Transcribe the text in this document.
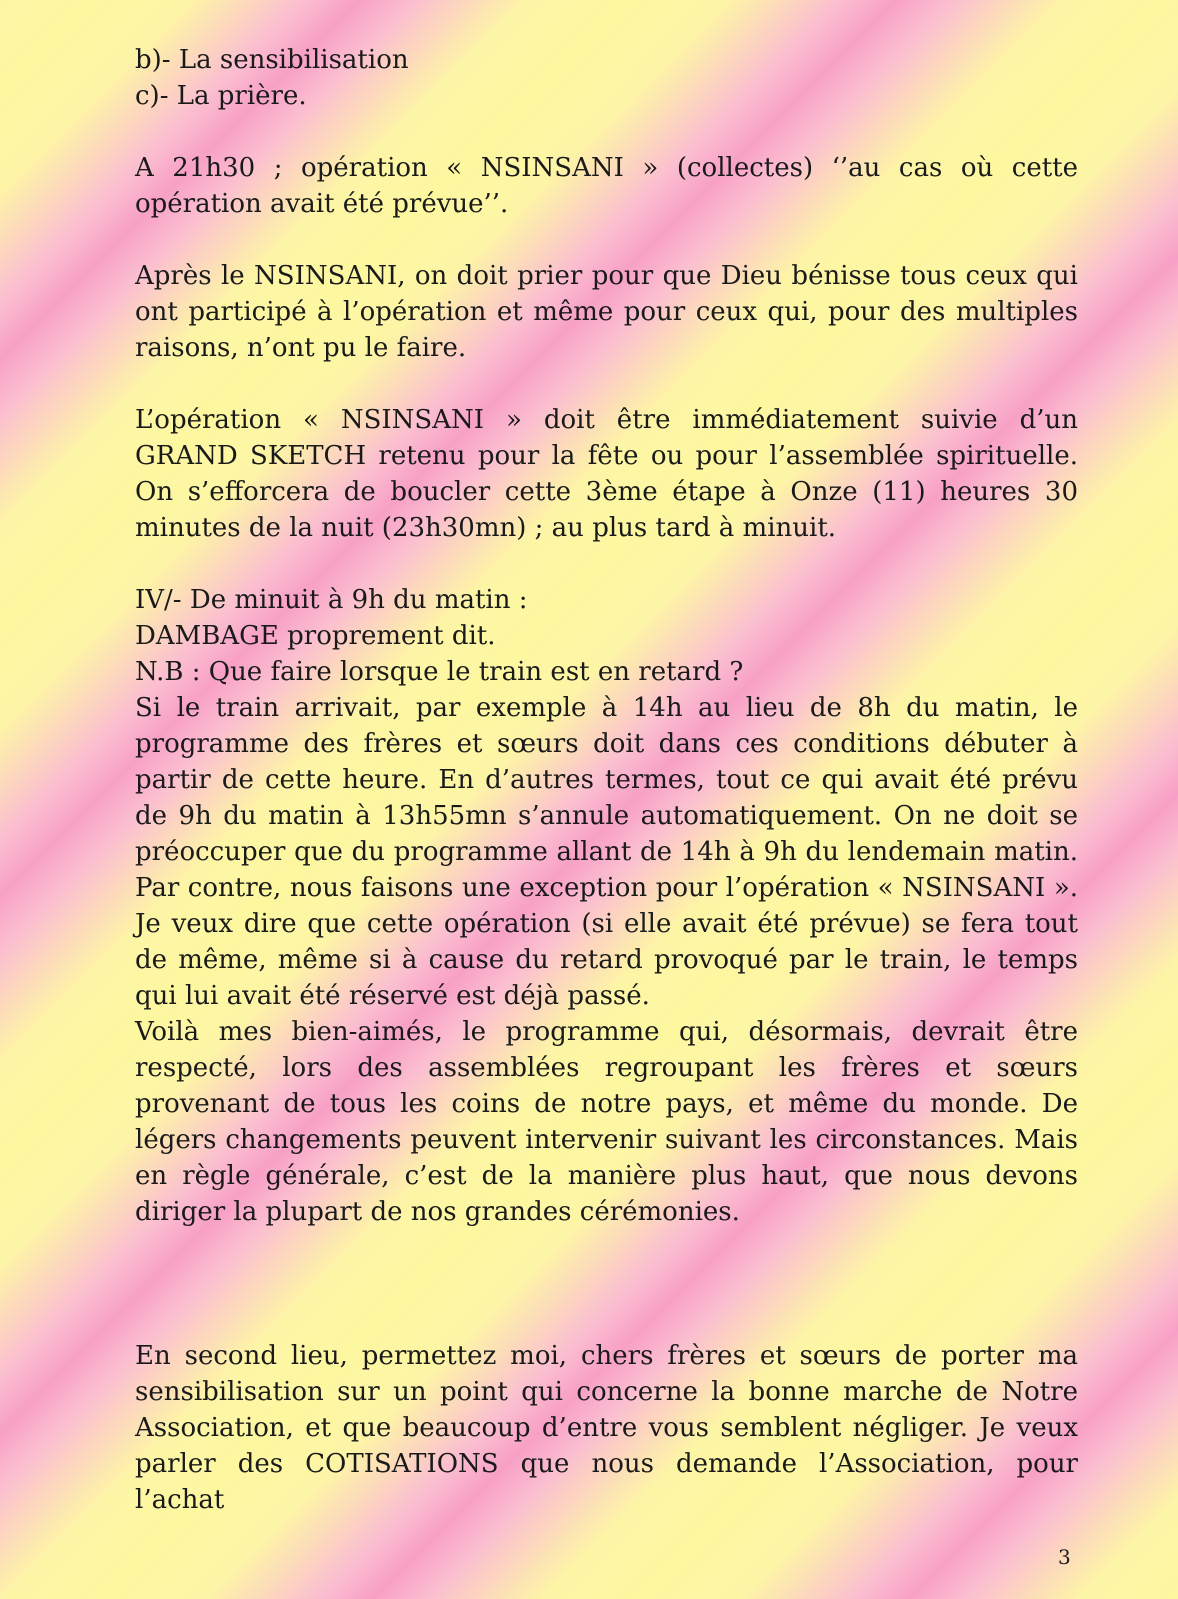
b)- La sensibilisation

c)- La prière.

A 21h30 ; opération « NSINSANI » (collectes) ‘’au cas où cette opération avait été prévue’’.

Après le NSINSANI, on doit prier pour que Dieu bénisse tous ceux qui ont participé à l’opération et même pour ceux qui, pour des multiples raisons, n’ont pu le faire.

L’opération « NSINSANI » doit être immédiatement suivie d’un GRAND SKETCH retenu pour la fête ou pour l’assemblée spirituelle. On s’efforcera de boucler cette 3ème étape à Onze (11) heures 30 minutes de la nuit (23h30mn) ; au plus tard à minuit.

IV/- De minuit à 9h du matin :

DAMBAGE proprement dit.

N.B : Que faire lorsque le train est en retard ?

Si le train arrivait, par exemple à 14h au lieu de 8h du matin, le programme des frères et sœurs doit dans ces conditions débuter à partir de cette heure. En d’autres termes, tout ce qui avait été prévu de 9h du matin à 13h55mn s’annule automatiquement. On ne doit se préoccuper que du programme allant de 14h à 9h du lendemain matin. Par contre, nous faisons une exception pour l’opération « NSINSANI ». Je veux dire que cette opération (si elle avait été prévue) se fera tout de même, même si à cause du retard provoqué par le train, le temps qui lui avait été réservé est déjà passé.

Voilà mes bien-aimés, le programme qui, désormais, devrait être respecté, lors des assemblées regroupant les frères et sœurs provenant de tous les coins de notre pays, et même du monde. De légers changements peuvent intervenir suivant les circonstances. Mais en règle générale, c’est de la manière plus haut, que nous devons diriger la plupart de nos grandes cérémonies.

En second lieu, permettez moi, chers frères et sœurs de porter ma sensibilisation sur un point qui concerne la bonne marche de Notre Association, et que beaucoup d’entre vous semblent négliger. Je veux parler des COTISATIONS que nous demande l’Association, pour l’achat

3
